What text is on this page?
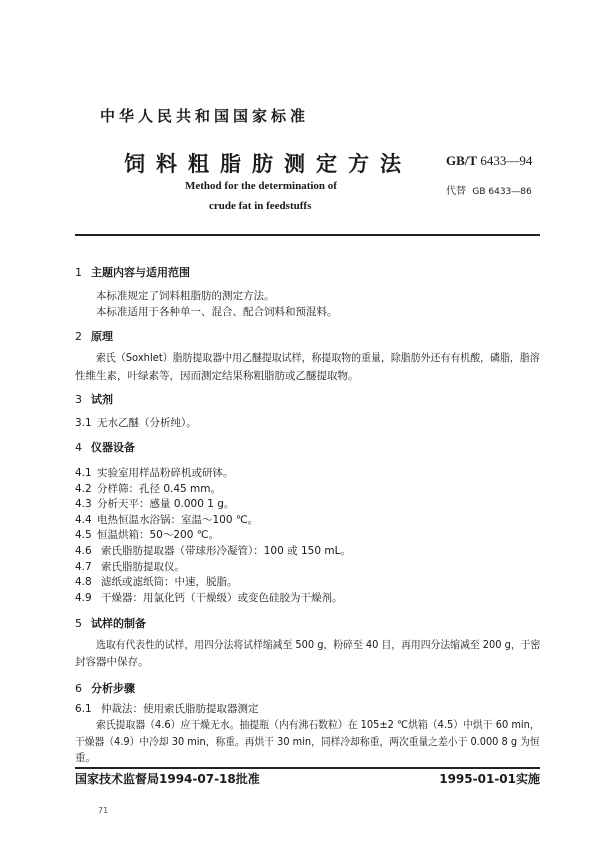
中华人民共和国国家标准
饲料粗脂肪测定方法	GB/T 6433—94
Method for the determination of
crude fat in feedstuffs
代替 GB 6433—86
1 主题内容与适用范围
本标准规定了饲料粗脂肪的测定方法。
本标准适用于各种单一、混合、配合饲料和预混料。
2 原理
索氏（Soxhlet）脂肪提取器中用乙醚提取试样，称提取物的重量，除脂肪外还有有机酸，磷脂，脂溶
性维生素，叶绿素等，因而测定结果称粗脂肪或乙醚提取物。
3 试剂
3.1 无水乙醚（分析纯）。
4 仪器设备
4.1 实验室用样品粉碎机或研钵。
4.2 分样筛：孔径 0.45 mm。
4.3 分析天平：感量 0.000 1 g。
4.4 电热恒温水浴锅：室温～100 ℃。
4.5 恒温烘箱：50～200 ℃。
4.6 索氏脂肪提取器（带球形冷凝管）：100 或 150 mL。
4.7 索氏脂肪提取仪。
4.8 滤纸或滤纸筒：中速，脱脂。
4.9 干燥器：用氯化钙（干燥级）或变色硅胶为干燥剂。
5 试样的制备
选取有代表性的试样，用四分法将试样缩减至 500 g，粉碎至 40 目，再用四分法缩减至 200 g，于密
封容器中保存。
6 分析步骤
6.1 仲裁法：使用索氏脂肪提取器测定
索氏提取器（4.6）应干燥无水。抽提瓶（内有沸石数粒）在 105±2 ℃烘箱（4.5）中烘干 60 min，
干燥器（4.9）中冷却 30 min，称重。再烘干 30 min，同样冷却称重，两次重量之差小于 0.000 8 g 为恒
重。
国家技术监督局1994-07-18批准	1995-01-01实施
71
